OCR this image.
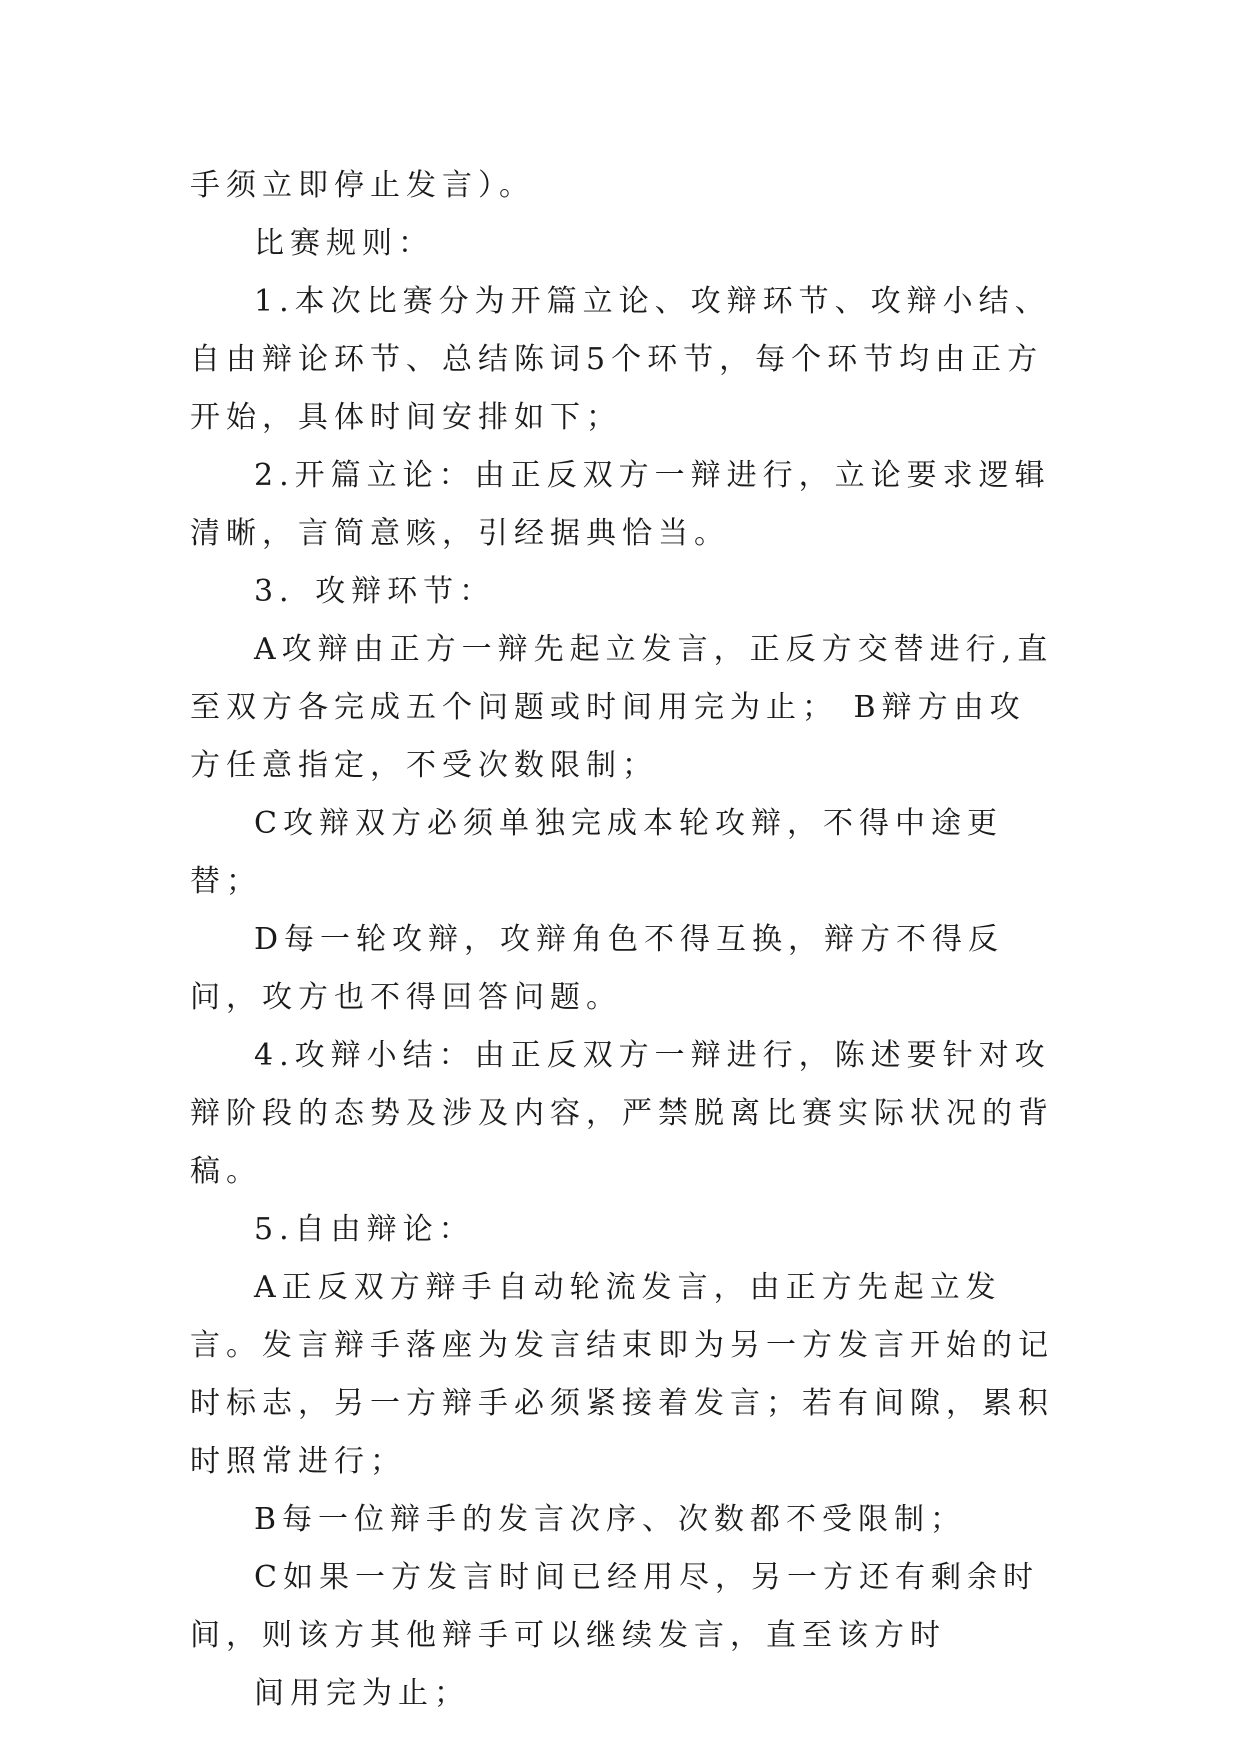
手须立即停止发言）。

比赛规则：

1.本次比赛分为开篇立论、攻辩环节、攻辩小结、自由辩论环节、总结陈词5个环节，每个环节均由正方开始，具体时间安排如下；

2.开篇立论：由正反双方一辩进行，立论要求逻辑清晰，言简意赅，引经据典恰当。

3．攻辩环节：

A攻辩由正方一辩先起立发言，正反方交替进行,直至双方各完成五个问题或时间用完为止； B辩方由攻方任意指定，不受次数限制；

C攻辩双方必须单独完成本轮攻辩，不得中途更替；

D每一轮攻辩，攻辩角色不得互换，辩方不得反问，攻方也不得回答问题。

4.攻辩小结：由正反双方一辩进行，陈述要针对攻辩阶段的态势及涉及内容，严禁脱离比赛实际状况的背稿。

5.自由辩论：

A正反双方辩手自动轮流发言，由正方先起立发言。发言辩手落座为发言结束即为另一方发言开始的记时标志，另一方辩手必须紧接着发言；若有间隙，累积时照常进行；

B每一位辩手的发言次序、次数都不受限制；

C如果一方发言时间已经用尽，另一方还有剩余时间，则该方其他辩手可以继续发言，直至该方时

间用完为止；
